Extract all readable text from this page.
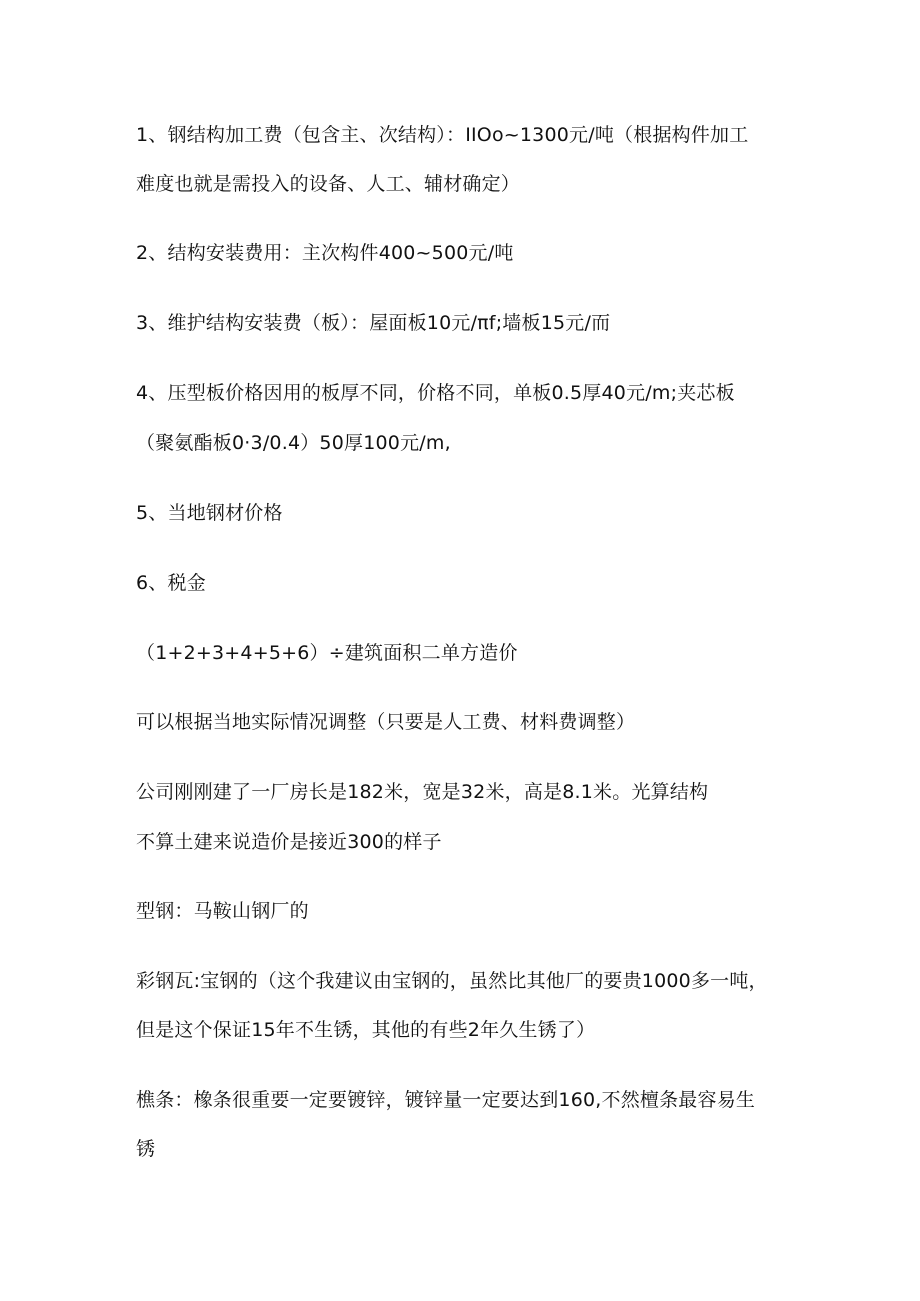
1、钢结构加工费（包含主、次结构）：IIOo~1300元/吨（根据构件加工
难度也就是需投入的设备、人工、辅材确定）
2、结构安装费用：主次构件400~500元/吨
3、维护结构安装费（板）：屋面板10元/πf;墙板15元/而
4、压型板价格因用的板厚不同，价格不同，单板0.5厚40元/m;夹芯板
（聚氨酯板0·3/0.4）50厚100元/m,
5、当地钢材价格
6、税金
（1+2+3+4+5+6）÷建筑面积二单方造价
可以根据当地实际情况调整（只要是人工费、材料费调整）
公司刚刚建了一厂房长是182米，宽是32米，高是8.1米。光算结构
不算土建来说造价是接近300的样子
型钢：马鞍山钢厂的
彩钢瓦:宝钢的（这个我建议由宝钢的，虽然比其他厂的要贵1000多一吨，
但是这个保证15年不生锈，其他的有些2年久生锈了）
樵条：橡条很重要一定要镀锌，镀锌量一定要达到160,不然檀条最容易生
锈
